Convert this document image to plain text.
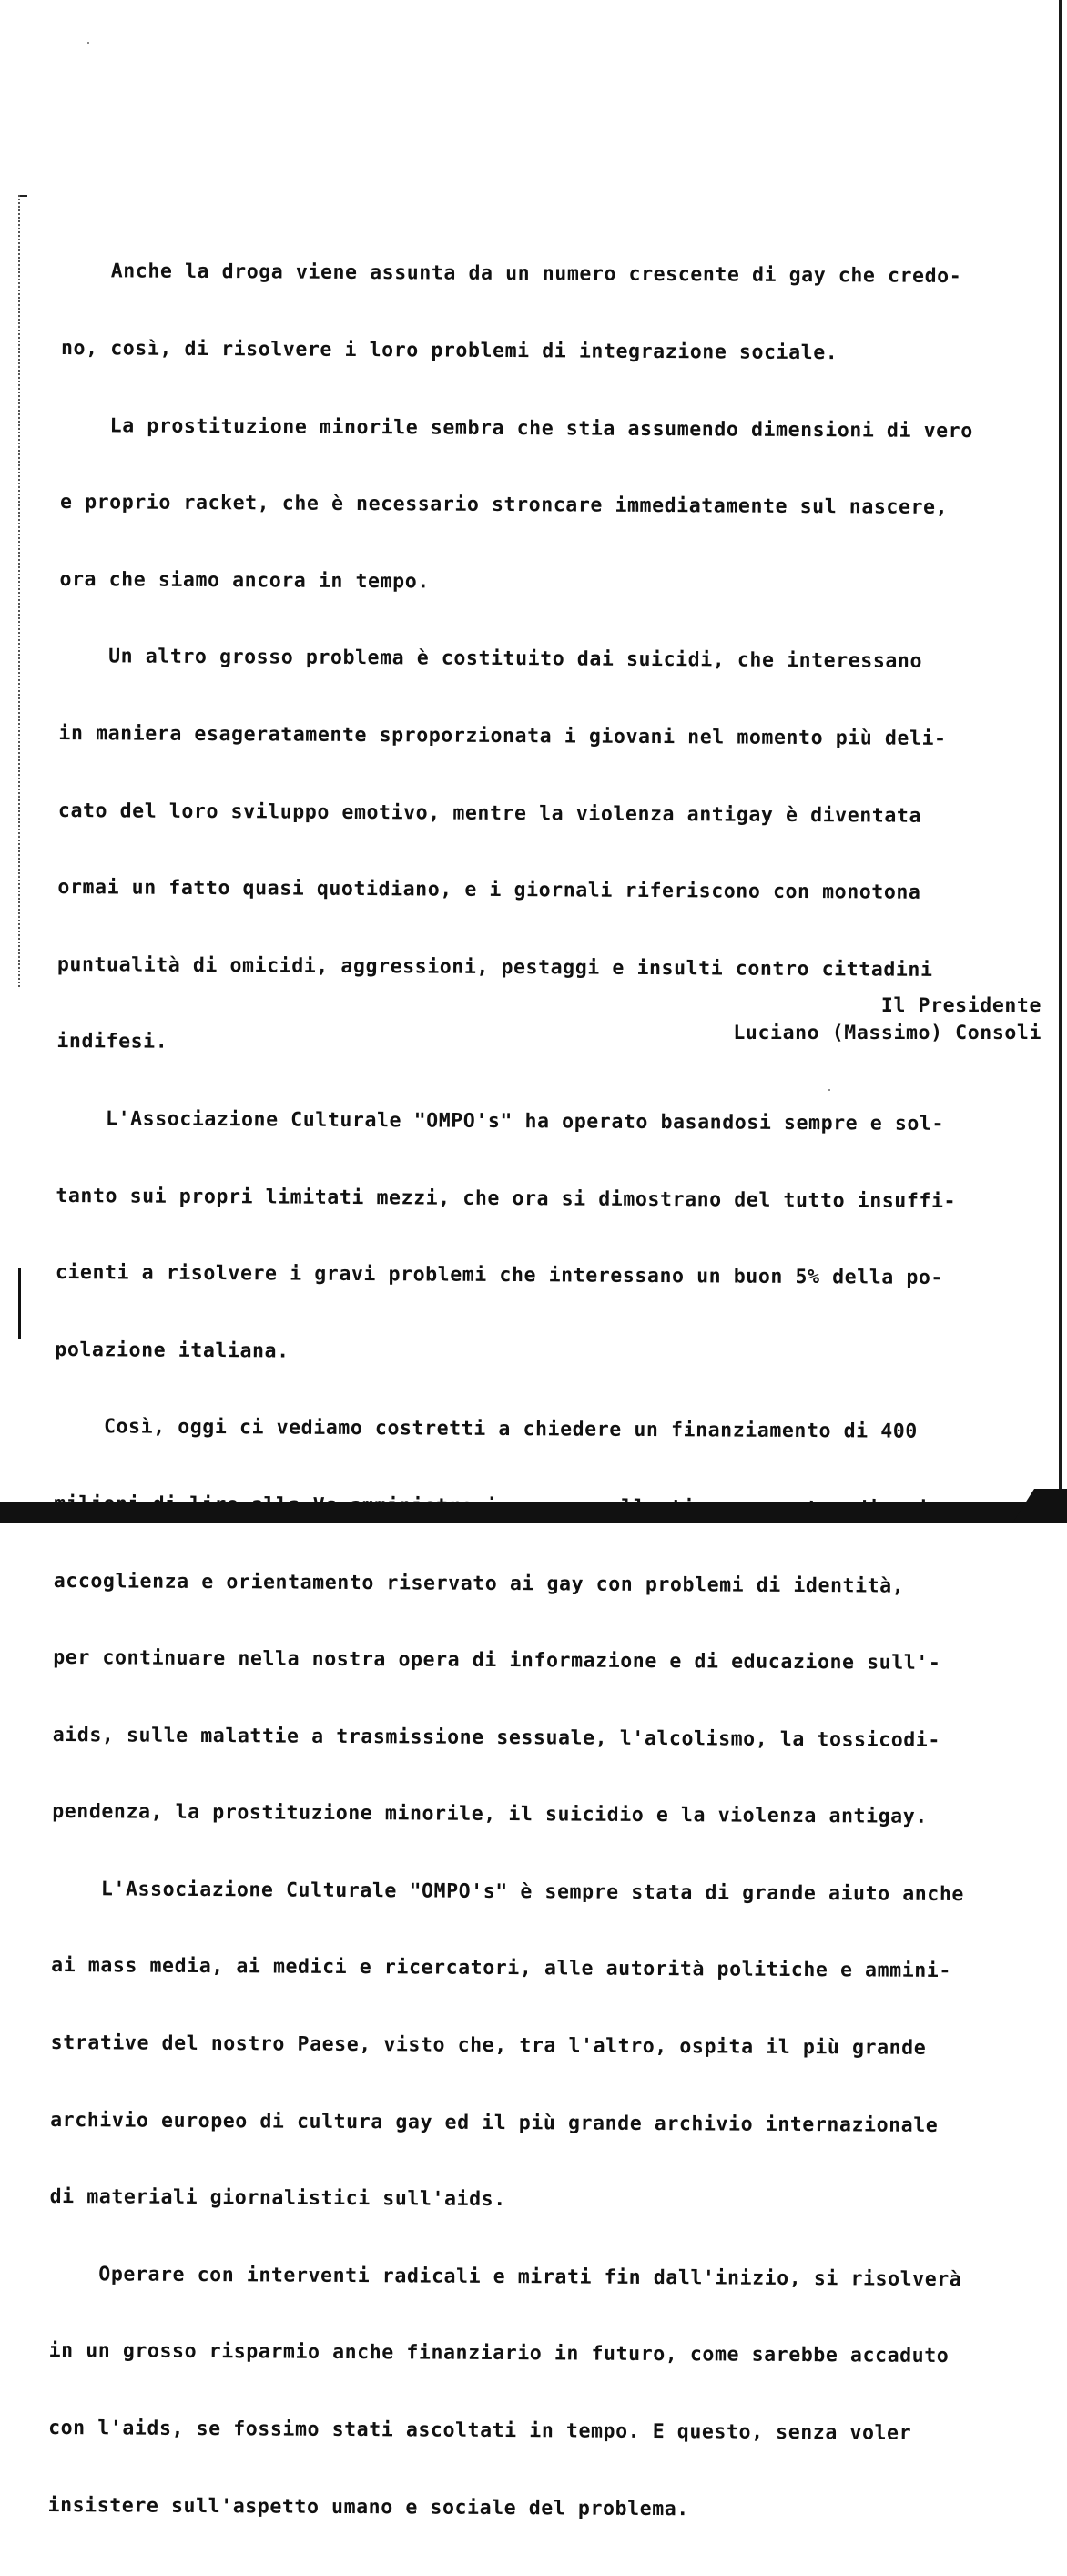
Anche la droga viene assunta da un numero crescente di gay che credo-

no, così, di risolvere i loro problemi di integrazione sociale.

La prostituzione minorile sembra che stia assumendo dimensioni di vero

e proprio racket, che è necessario stroncare immediatamente sul nascere,

ora che siamo ancora in tempo.

Un altro grosso problema è costituito dai suicidi, che interessano

in maniera esageratamente sproporzionata i giovani nel momento più deli-

cato del loro sviluppo emotivo, mentre la violenza antigay è diventata

ormai un fatto quasi quotidiano, e i giornali riferiscono con monotona

puntualità di omicidi, aggressioni, pestaggi e insulti contro cittadini

indifesi.

L'Associazione Culturale "OMPO's" ha operato basandosi sempre e sol-

tanto sui propri limitati mezzi, che ora si dimostrano del tutto insuffi-

cienti a risolvere i gravi problemi che interessano un buon 5% della po-

polazione italiana.

Così, oggi ci vediamo costretti a chiedere un finanziamento di 400

accoglienza e orientamento riservato ai gay con problemi di identità,

per continuare nella nostra opera di informazione e di educazione sull'-

aids, sulle malattie a trasmissione sessuale, l'alcolismo, la tossicodi-

pendenza, la prostituzione minorile, il suicidio e la violenza antigay.

L'Associazione Culturale "OMPO's" è sempre stata di grande aiuto anche

ai mass media, ai medici e ricercatori, alle autorità politiche e ammini-

strative del nostro Paese, visto che, tra l'altro, ospita il più grande

archivio europeo di cultura gay ed il più grande archivio internazionale

di materiali giornalistici sull'aids.

Operare con interventi radicali e mirati fin dall'inizio, si risolverà

in un grosso risparmio anche finanziario in futuro, come sarebbe accaduto

con l'aids, se fossimo stati ascoltati in tempo. E questo, senza voler

insistere sull'aspetto umano e sociale del problema.

Il Presidente
Luciano (Massimo) Consoli
